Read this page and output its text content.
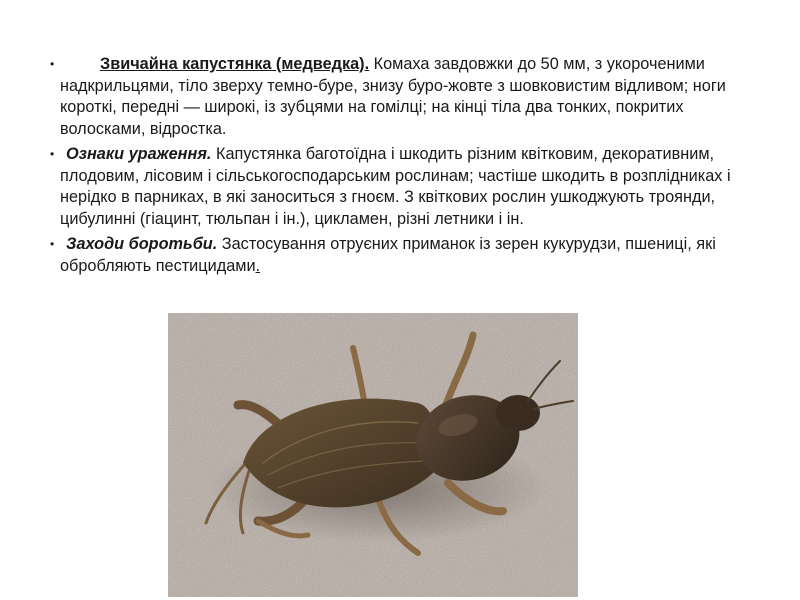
•	Звичайна капустянка (медведка). Комаха завдовжки до 50 мм, з укороченими надкрильцями, тіло зверху темно-буре, знизу буро-жовте з шовковистим відливом; ноги короткі, передні — широкі, із зубцями на гомілці; на кінці тіла два тонких, покритих волосками, відростка.
• Ознаки ураження. Капустянка баготоїдна і шкодить різним квітковим, декоративним, плодовим, лісовим і сільськогосподарським рослинам; частіше шкодить в розплідниках і нерідко в парниках, в які заноситься з гноєм. З квіткових рослин ушкоджують троянди, цибулинні (гіацинт, тюльпан і ін.), цикламен, різні летники і ін.
• Заходи боротьби. Застосування отруєних приманок із зерен кукурудзи, пшениці, які обробляють пестицидами.
